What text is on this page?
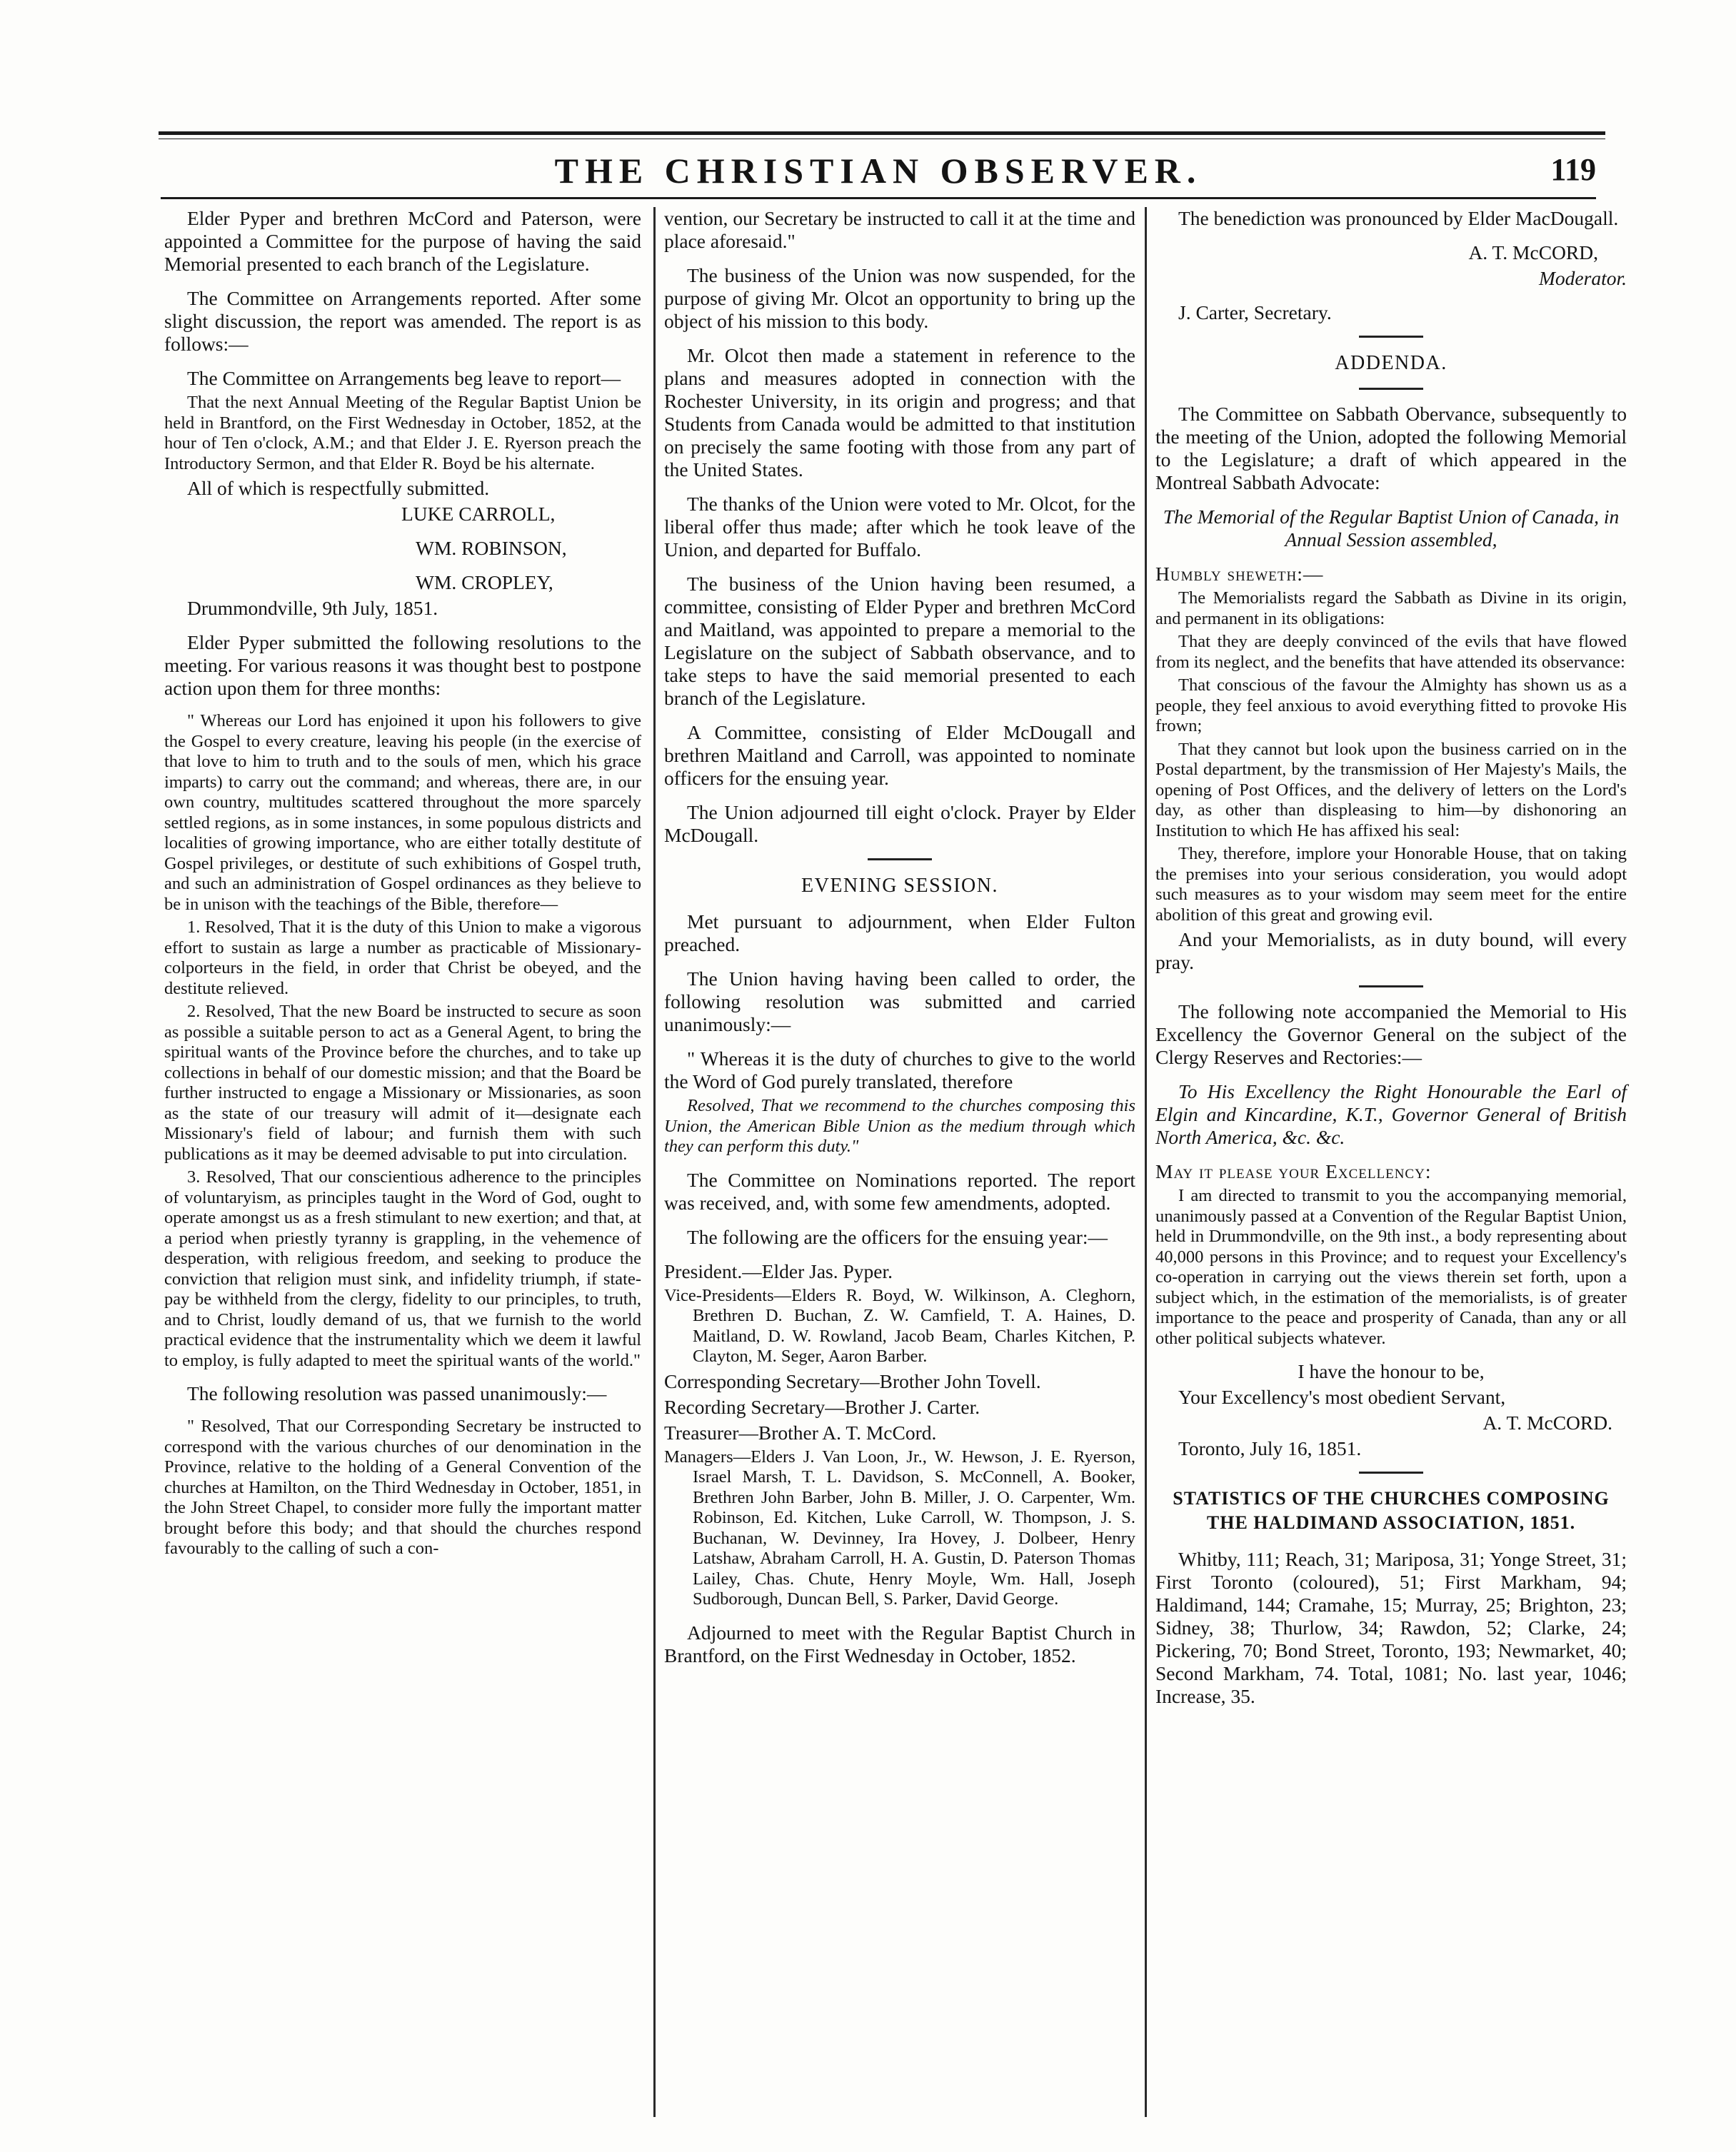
THE CHRISTIAN OBSERVER.	119

Elder Pyper and brethren McCord and Paterson, were appointed a Committee for the purpose of having the said Memorial presented to each branch of the Legislature.

The Committee on Arrangements reported. After some slight discussion, the report was amended. The report is as follows:—

The Committee on Arrangements beg leave to report—

That the next Annual Meeting of the Regular Baptist Union be held in Brantford, on the First Wednesday in October, 1852, at the hour of Ten o'clock, A.M.; and that Elder J. E. Ryerson preach the Introductory Sermon, and that Elder R. Boyd be his alternate.

All of which is respectfully submitted.

LUKE CARROLL,

WM. ROBINSON,

WM. CROPLEY,

Drummondville, 9th July, 1851.

Elder Pyper submitted the following resolutions to the meeting. For various reasons it was thought best to postpone action upon them for three months:

" Whereas our Lord has enjoined it upon his followers to give the Gospel to every creature, leaving his people (in the exercise of that love to him to truth and to the souls of men, which his grace imparts) to carry out the command; and whereas, there are, in our own country, multitudes scattered throughout the more sparcely settled regions, as in some instances, in some populous districts and localities of growing importance, who are either totally destitute of Gospel privileges, or destitute of such exhibitions of Gospel truth, and such an administration of Gospel ordinances as they believe to be in unison with the teachings of the Bible, therefore—

1. Resolved, That it is the duty of this Union to make a vigorous effort to sustain as large a number as practicable of Missionary-colporteurs in the field, in order that Christ be obeyed, and the destitute relieved.

2. Resolved, That the new Board be instructed to secure as soon as possible a suitable person to act as a General Agent, to bring the spiritual wants of the Province before the churches, and to take up collections in behalf of our domestic mission; and that the Board be further instructed to engage a Missionary or Missionaries, as soon as the state of our treasury will admit of it—designate each Missionary's field of labour; and furnish them with such publications as it may be deemed advisable to put into circulation.

3. Resolved, That our conscientious adherence to the principles of voluntaryism, as principles taught in the Word of God, ought to operate amongst us as a fresh stimulant to new exertion; and that, at a period when priestly tyranny is grappling, in the vehemence of desperation, with religious freedom, and seeking to produce the conviction that religion must sink, and infidelity triumph, if state-pay be withheld from the clergy, fidelity to our principles, to truth, and to Christ, loudly demand of us, that we furnish to the world practical evidence that the instrumentality which we deem it lawful to employ, is fully adapted to meet the spiritual wants of the world."

The following resolution was passed unanimously:—

" Resolved, That our Corresponding Secretary be instructed to correspond with the various churches of our denomination in the Province, relative to the holding of a General Convention of the churches at Hamilton, on the Third Wednesday in October, 1851, in the John Street Chapel, to consider more fully the important matter brought before this body; and that should the churches respond favourably to the calling of such a con-

vention, our Secretary be instructed to call it at the time and place aforesaid."

The business of the Union was now suspended, for the purpose of giving Mr. Olcot an opportunity to bring up the object of his mission to this body.

Mr. Olcot then made a statement in reference to the plans and measures adopted in connection with the Rochester University, in its origin and progress; and that Students from Canada would be admitted to that institution on precisely the same footing with those from any part of the United States.

The thanks of the Union were voted to Mr. Olcot, for the liberal offer thus made; after which he took leave of the Union, and departed for Buffalo.

The business of the Union having been resumed, a committee, consisting of Elder Pyper and brethren McCord and Maitland, was appointed to prepare a memorial to the Legislature on the subject of Sabbath observance, and to take steps to have the said memorial presented to each branch of the Legislature.

A Committee, consisting of Elder McDougall and brethren Maitland and Carroll, was appointed to nominate officers for the ensuing year.

The Union adjourned till eight o'clock. Prayer by Elder McDougall.

EVENING SESSION.

Met pursuant to adjournment, when Elder Fulton preached.

The Union having having been called to order, the following resolution was submitted and carried unanimously:—

" Whereas it is the duty of churches to give to the world the Word of God purely translated, therefore

Resolved, That we recommend to the churches composing this Union, the American Bible Union as the medium through which they can perform this duty."

The Committee on Nominations reported. The report was received, and, with some few amendments, adopted.

The following are the officers for the ensuing year:—

President.—Elder Jas. Pyper.

Vice-Presidents—Elders R. Boyd, W. Wilkinson, A. Cleghorn, Brethren D. Buchan, Z. W. Camfield, T. A. Haines, D. Maitland, D. W. Rowland, Jacob Beam, Charles Kitchen, P. Clayton, M. Seger, Aaron Barber.

Corresponding Secretary—Brother John Tovell.

Recording Secretary—Brother J. Carter.

Treasurer—Brother A. T. McCord.

Managers—Elders J. Van Loon, Jr., W. Hewson, J. E. Ryerson, Israel Marsh, T. L. Davidson, S. McConnell, A. Booker, Brethren John Barber, John B. Miller, J. O. Carpenter, Wm. Robinson, Ed. Kitchen, Luke Carroll, W. Thompson, J. S. Buchanan, W. Devinney, Ira Hovey, J. Dolbeer, Henry Latshaw, Abraham Carroll, H. A. Gustin, D. Paterson Thomas Lailey, Chas. Chute, Henry Moyle, Wm. Hall, Joseph Sudborough, Duncan Bell, S. Parker, David George.

Adjourned to meet with the Regular Baptist Church in Brantford, on the First Wednesday in October, 1852.

The benediction was pronounced by Elder MacDougall.

A. T. McCORD,

Moderator.

J. Carter, Secretary.

ADDENDA.

The Committee on Sabbath Obervance, subsequently to the meeting of the Union, adopted the following Memorial to the Legislature; a draft of which appeared in the Montreal Sabbath Advocate:

The Memorial of the Regular Baptist Union of Canada, in Annual Session assembled,

Humbly sheweth:—

The Memorialists regard the Sabbath as Divine in its origin, and permanent in its obligations:

That they are deeply convinced of the evils that have flowed from its neglect, and the benefits that have attended its observance:

That conscious of the favour the Almighty has shown us as a people, they feel anxious to avoid everything fitted to provoke His frown;

That they cannot but look upon the business carried on in the Postal department, by the transmission of Her Majesty's Mails, the opening of Post Offices, and the delivery of letters on the Lord's day, as other than displeasing to him—by dishonoring an Institution to which He has affixed his seal:

They, therefore, implore your Honorable House, that on taking the premises into your serious consideration, you would adopt such measures as to your wisdom may seem meet for the entire abolition of this great and growing evil.

And your Memorialists, as in duty bound, will every pray.

The following note accompanied the Memorial to His Excellency the Governor General on the subject of the Clergy Reserves and Rectories:—

To His Excellency the Right Honourable the Earl of Elgin and Kincardine, K.T., Governor General of British North America, &c. &c.

May it please your Excellency:

I am directed to transmit to you the accompanying memorial, unanimously passed at a Convention of the Regular Baptist Union, held in Drummondville, on the 9th inst., a body representing about 40,000 persons in this Province; and to request your Excellency's co-operation in carrying out the views therein set forth, upon a subject which, in the estimation of the memorialists, is of greater importance to the peace and prosperity of Canada, than any or all other political subjects whatever.

I have the honour to be,

Your Excellency's most obedient Servant,

A. T. McCORD.

Toronto, July 16, 1851.

STATISTICS OF THE CHURCHES COMPOSING
THE HALDIMAND ASSOCIATION, 1851.

Whitby, 111; Reach, 31; Mariposa, 31; Yonge Street, 31; First Toronto (coloured), 51; First Markham, 94; Haldimand, 144; Cramahe, 15; Murray, 25; Brighton, 23; Sidney, 38; Thurlow, 34; Rawdon, 52; Clarke, 24; Pickering, 70; Bond Street, Toronto, 193; Newmarket, 40; Second Markham, 74. Total, 1081; No. last year, 1046; Increase, 35.
